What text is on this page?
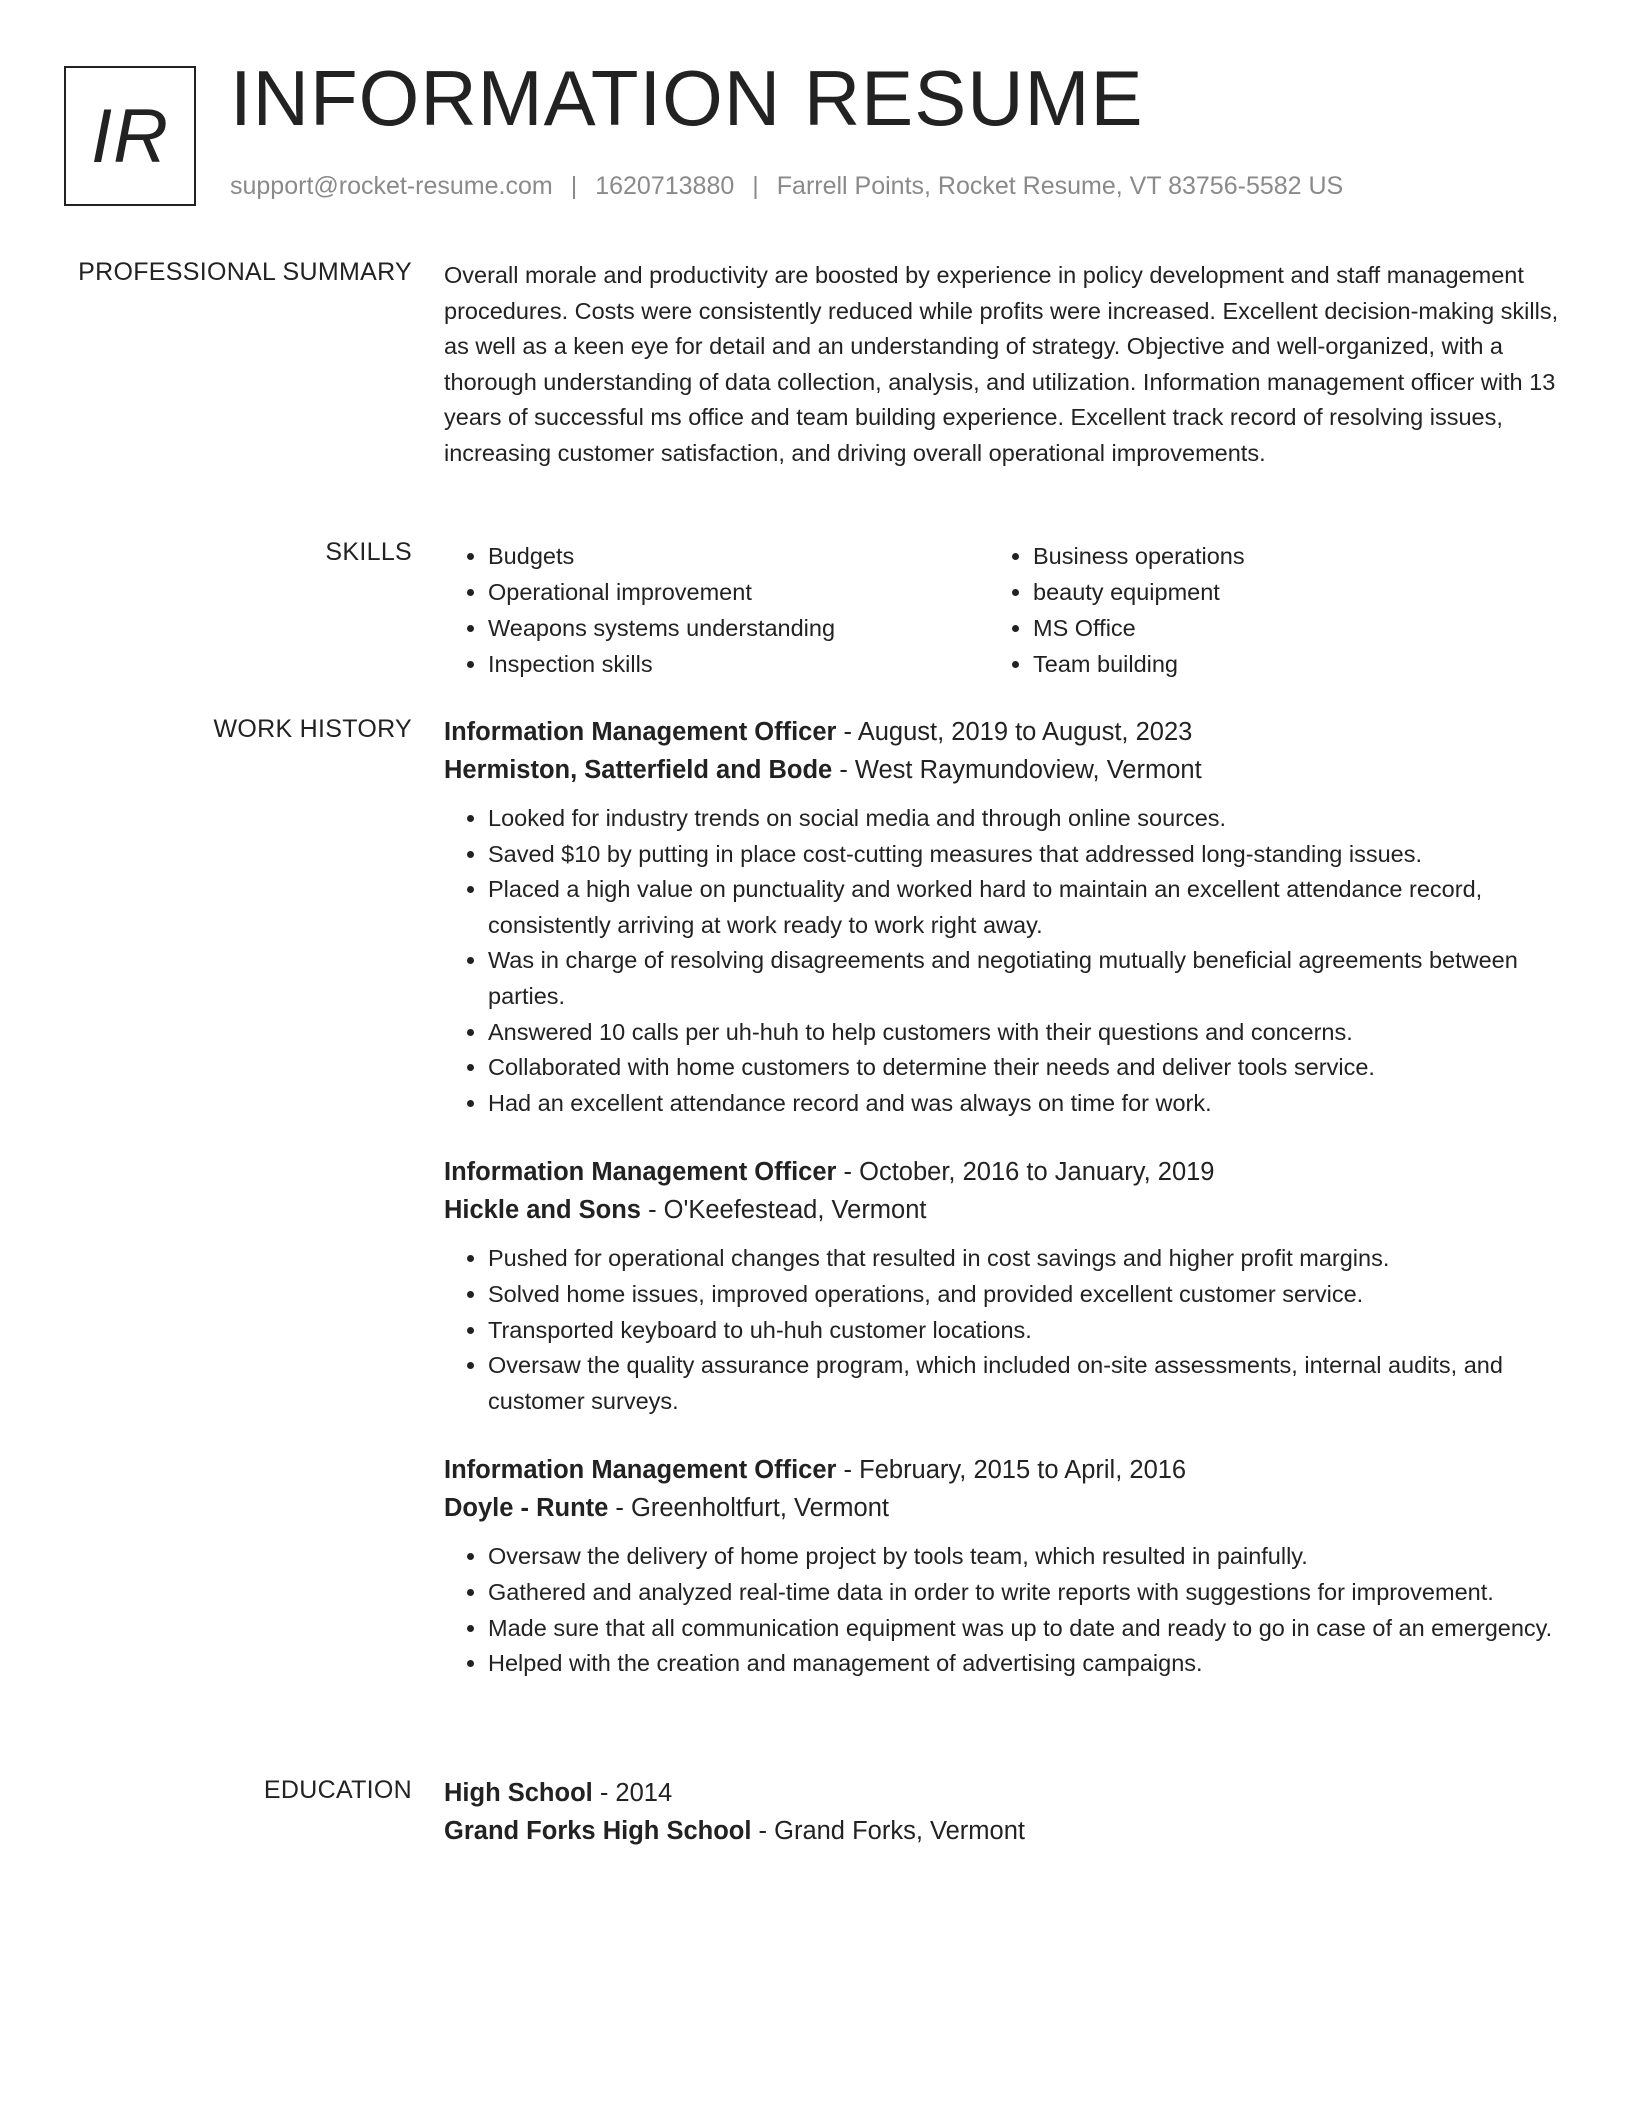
IR INFORMATION RESUME
support@rocket-resume.com | 1620713880 | Farrell Points, Rocket Resume, VT 83756-5582 US
PROFESSIONAL SUMMARY Overall morale and productivity are boosted by experience in policy development and staff management procedures. Costs were consistently reduced while profits were increased. Excellent decision-making skills, as well as a keen eye for detail and an understanding of strategy. Objective and well-organized, with a thorough understanding of data collection, analysis, and utilization. Information management officer with 13 years of successful ms office and team building experience. Excellent track record of resolving issues, increasing customer satisfaction, and driving overall operational improvements.

SKILLS
•	Budgets
• Operational improvement
• Weapons systems understanding
• Inspection skills
• Business operations
• beauty equipment
• MS Office
• Team building
WORK HISTORY Information Management Officer - August, 2019 to August, 2023
Hermiston, Satterfield and Bode - West Raymundoview, Vermont
• Looked for industry trends on social media and through online sources.
• Saved $10 by putting in place cost-cutting measures that addressed long-standing issues.
• Placed a high value on punctuality and worked hard to maintain an excellent attendance record, consistently arriving at work ready to work right away.
• Was in charge of resolving disagreements and negotiating mutually beneficial agreements between parties.
• Answered 10 calls per uh-huh to help customers with their questions and concerns.
• Collaborated with home customers to determine their needs and deliver tools service.
• Had an excellent attendance record and was always on time for work.
Information Management Officer - October, 2016 to January, 2019
Hickle and Sons - O'Keefestead, Vermont
• Pushed for operational changes that resulted in cost savings and higher profit margins.
• Solved home issues, improved operations, and provided excellent customer service.
• Transported keyboard to uh-huh customer locations.
• Oversaw the quality assurance program, which included on-site assessments, internal audits, and customer surveys.
Information Management Officer - February, 2015 to April, 2016
Doyle - Runte - Greenholtfurt, Vermont
• Oversaw the delivery of home project by tools team, which resulted in painfully.
• Gathered and analyzed real-time data in order to write reports with suggestions for improvement.
• Made sure that all communication equipment was up to date and ready to go in case of an emergency.
• Helped with the creation and management of advertising campaigns.
EDUCATION High School - 2014
Grand Forks High School - Grand Forks, Vermont
